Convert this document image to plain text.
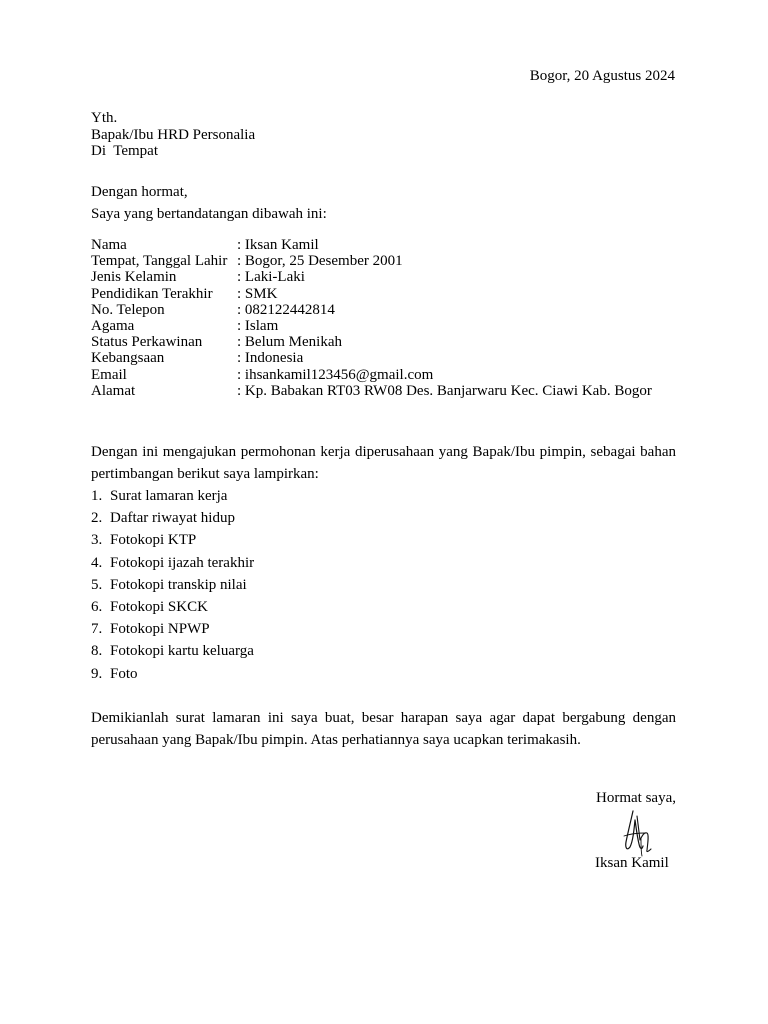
Bogor, 20 Agustus 2024
Yth.
Bapak/Ibu HRD Personalia
Di  Tempat
Dengan hormat,
Saya yang bertandatangan dibawah ini:
Nama	: Iksan Kamil
Tempat, Tanggal Lahir : Bogor, 25 Desember 2001
Jenis Kelamin	: Laki-Laki
Pendidikan Terakhir	: SMK
No. Telepon	: 082122442814
Agama	: Islam
Status Perkawinan	: Belum Menikah
Kebangsaan	: Indonesia
Email	: ihsankamil123456@gmail.com
Alamat	: Kp. Babakan RT03 RW08 Des. Banjarwaru Kec. Ciawi Kab. Bogor
Dengan ini mengajukan permohonan kerja diperusahaan yang Bapak/Ibu pimpin, sebagai bahan pertimbangan berikut saya lampirkan:
1. Surat lamaran kerja
2. Daftar riwayat hidup
3. Fotokopi KTP
4. Fotokopi ijazah terakhir
5. Fotokopi transkip nilai
6. Fotokopi SKCK
7. Fotokopi NPWP
8. Fotokopi kartu keluarga
9. Foto
Demikianlah surat lamaran ini saya buat, besar harapan saya agar dapat bergabung dengan perusahaan yang Bapak/Ibu pimpin. Atas perhatiannya saya ucapkan terimakasih.
Hormat saya,
Iksan Kamil
